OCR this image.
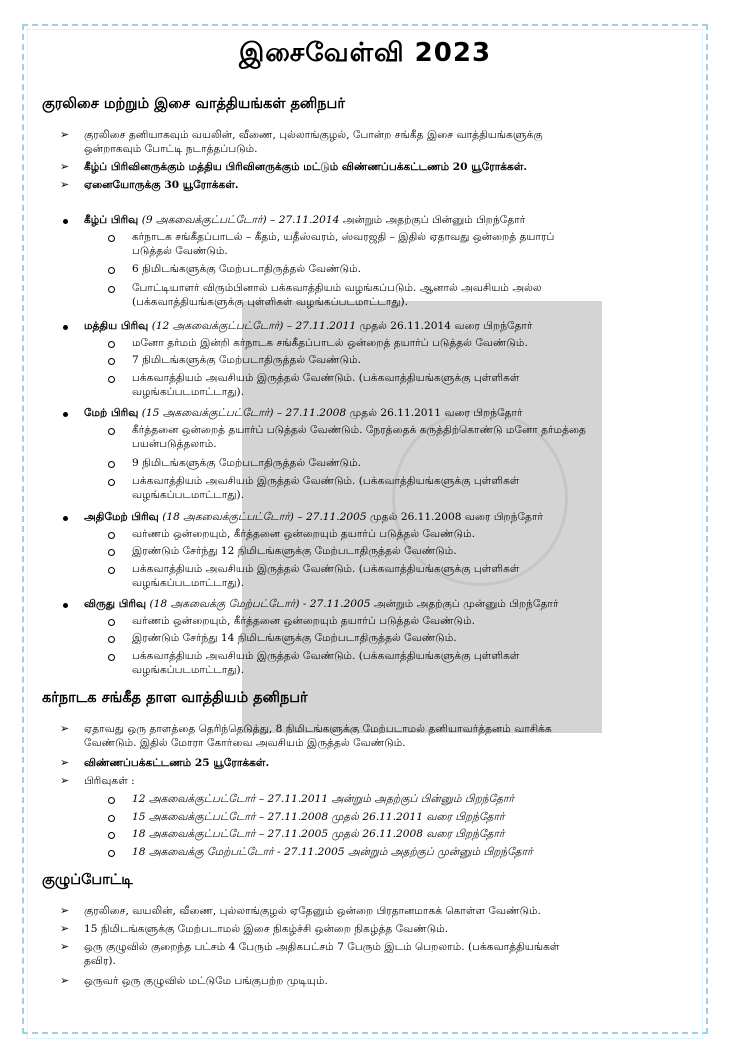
இசைவேள்வி 2023
குரலிசை மற்றும் இசை வாத்தியங்கள் தனிநபர்
➢ குரலிசை தனியாகவும் வயலின், வீணை, புல்லாங்குழல், போன்ற சங்கீத இசை வாத்தியங்களுக்கு
ஒன்றாகவும் போட்டி நடாத்தப்படும்.
➢ கீழ்ப் பிரிவினருக்கும் மத்திய பிரிவினருக்கும் மட்டும் விண்ணப்பக்கட்டணம் 20 யூரோக்கள்.
➢ ஏனையோருக்கு 30 யூரோக்கள்.
கீழ்ப் பிரிவு (9 அகவைக்குட்பட்டோர்) – 27.11.2014 அன்றும் அதற்குப் பின்னும் பிறந்தோர்
கர்நாடக சங்கீதப்பாடல் – கீதம், யதீஸ்வரம், ஸ்வரஜதி – இதில் ஏதாவது ஒன்றைத் தயாரப்
படுத்தல் வேண்டும்.
6 நிமிடங்களுக்கு மேற்படாதிருத்தல் வேண்டும்.
போட்டியாளர் விரும்பினால் பக்கவாத்தியம் வழங்கப்படும். ஆனால் அவசியம் அல்ல
(பக்கவாத்தியங்களுக்கு புள்ளிகள் வழங்கப்படமாட்டாது).
மத்திய பிரிவு (12 அகவைக்குட்பட்டோர்) – 27.11.2011 முதல் 26.11.2014 வரை பிறந்தோர்
மனோ தர்மம் இன்றி கர்நாடக சங்கீதப்பாடல் ஒன்றைத் தயார்ப் படுத்தல் வேண்டும்.
7 நிமிடங்களுக்கு மேற்படாதிருத்தல் வேண்டும்.
பக்கவாத்தியம் அவசியம் இருத்தல் வேண்டும். (பக்கவாத்தியங்களுக்கு புள்ளிகள்
வழங்கப்படமாட்டாது).
மேற் பிரிவு (15 அகவைக்குட்பட்டோர்) – 27.11.2008 முதல் 26.11.2011 வரை பிறந்தோர்
கீர்த்தனை ஒன்றைத் தயார்ப் படுத்தல் வேண்டும். நேரத்தைக் கருத்திற்கொண்டு மனோ தர்மத்தை
பயன்படுத்தலாம்.
9 நிமிடங்களுக்கு மேற்படாதிருத்தல் வேண்டும்.
பக்கவாத்தியம் அவசியம் இருத்தல் வேண்டும். (பக்கவாத்தியங்களுக்கு புள்ளிகள்
வழங்கப்படமாட்டாது).
அதிமேற் பிரிவு (18 அகவைக்குட்பட்டோர்) – 27.11.2005 முதல் 26.11.2008 வரை பிறந்தோர்
வர்ணம் ஒன்றையும், கீர்த்தனை ஒன்றையும் தயார்ப் படுத்தல் வேண்டும்.
இரண்டும் சேர்ந்து 12 நிமிடங்களுக்கு மேற்படாதிருத்தல் வேண்டும்.
பக்கவாத்தியம் அவசியம் இருத்தல் வேண்டும். (பக்கவாத்தியங்களுக்கு புள்ளிகள்
வழங்கப்படமாட்டாது).
விருது பிரிவு (18 அகவைக்கு மேற்பட்டோர்) - 27.11.2005 அன்றும் அதற்குப் முன்னும் பிறந்தோர்
வர்ணம் ஒன்றையும், கீர்த்தனை ஒன்றையும் தயார்ப் படுத்தல் வேண்டும்.
இரண்டும் சேர்ந்து 14 நிமிடங்களுக்கு மேற்படாதிருத்தல் வேண்டும்.
பக்கவாத்தியம் அவசியம் இருத்தல் வேண்டும். (பக்கவாத்தியங்களுக்கு புள்ளிகள்
வழங்கப்படமாட்டாது).
கர்நாடக சங்கீத தாள வாத்தியம் தனிநபர்
➢ ஏதாவது ஒரு தாளத்தை தெரிந்தெடுத்து, 8 நிமிடங்களுக்கு மேற்படாமல் தனியாவர்த்தனம் வாசிக்க
வேண்டும். இதில் மோரா கோர்வை அவசியம் இருத்தல் வேண்டும்.
➢ விண்ணப்பக்கட்டணம் 25 யூரோக்கள்.
➢ பிரிவுகள் :
12 அகவைக்குட்பட்டோர் – 27.11.2011 அன்றும் அதற்குப் பின்னும் பிறந்தோர்
15 அகவைக்குட்பட்டோர் – 27.11.2008 முதல் 26.11.2011 வரை பிறந்தோர்
18 அகவைக்குட்பட்டோர் – 27.11.2005 முதல் 26.11.2008 வரை பிறந்தோர்
18 அகவைக்கு மேற்பட்டோர் - 27.11.2005 அன்றும் அதற்குப் முன்னும் பிறந்தோர்
குழுப்போட்டி
➢ குரலிசை, வயலின், வீணை, புல்லாங்குழல் ஏதேனும் ஒன்றை பிரதானமாகக் கொள்ள வேண்டும்.
➢ 15 நிமிடங்களுக்கு மேற்படாமல் இசை நிகழ்ச்சி ஒன்றை நிகழ்த்த வேண்டும்.
➢ ஒரு குழுவில் குறைந்த பட்சம் 4 பேரும் அதிகபட்சம் 7 பேரும் இடம் பெறலாம். (பக்கவாத்தியங்கள்
தவிர).
➢ ஒருவர் ஒரு குழுவில் மட்டுமே பங்குபற்ற முடியும்.
